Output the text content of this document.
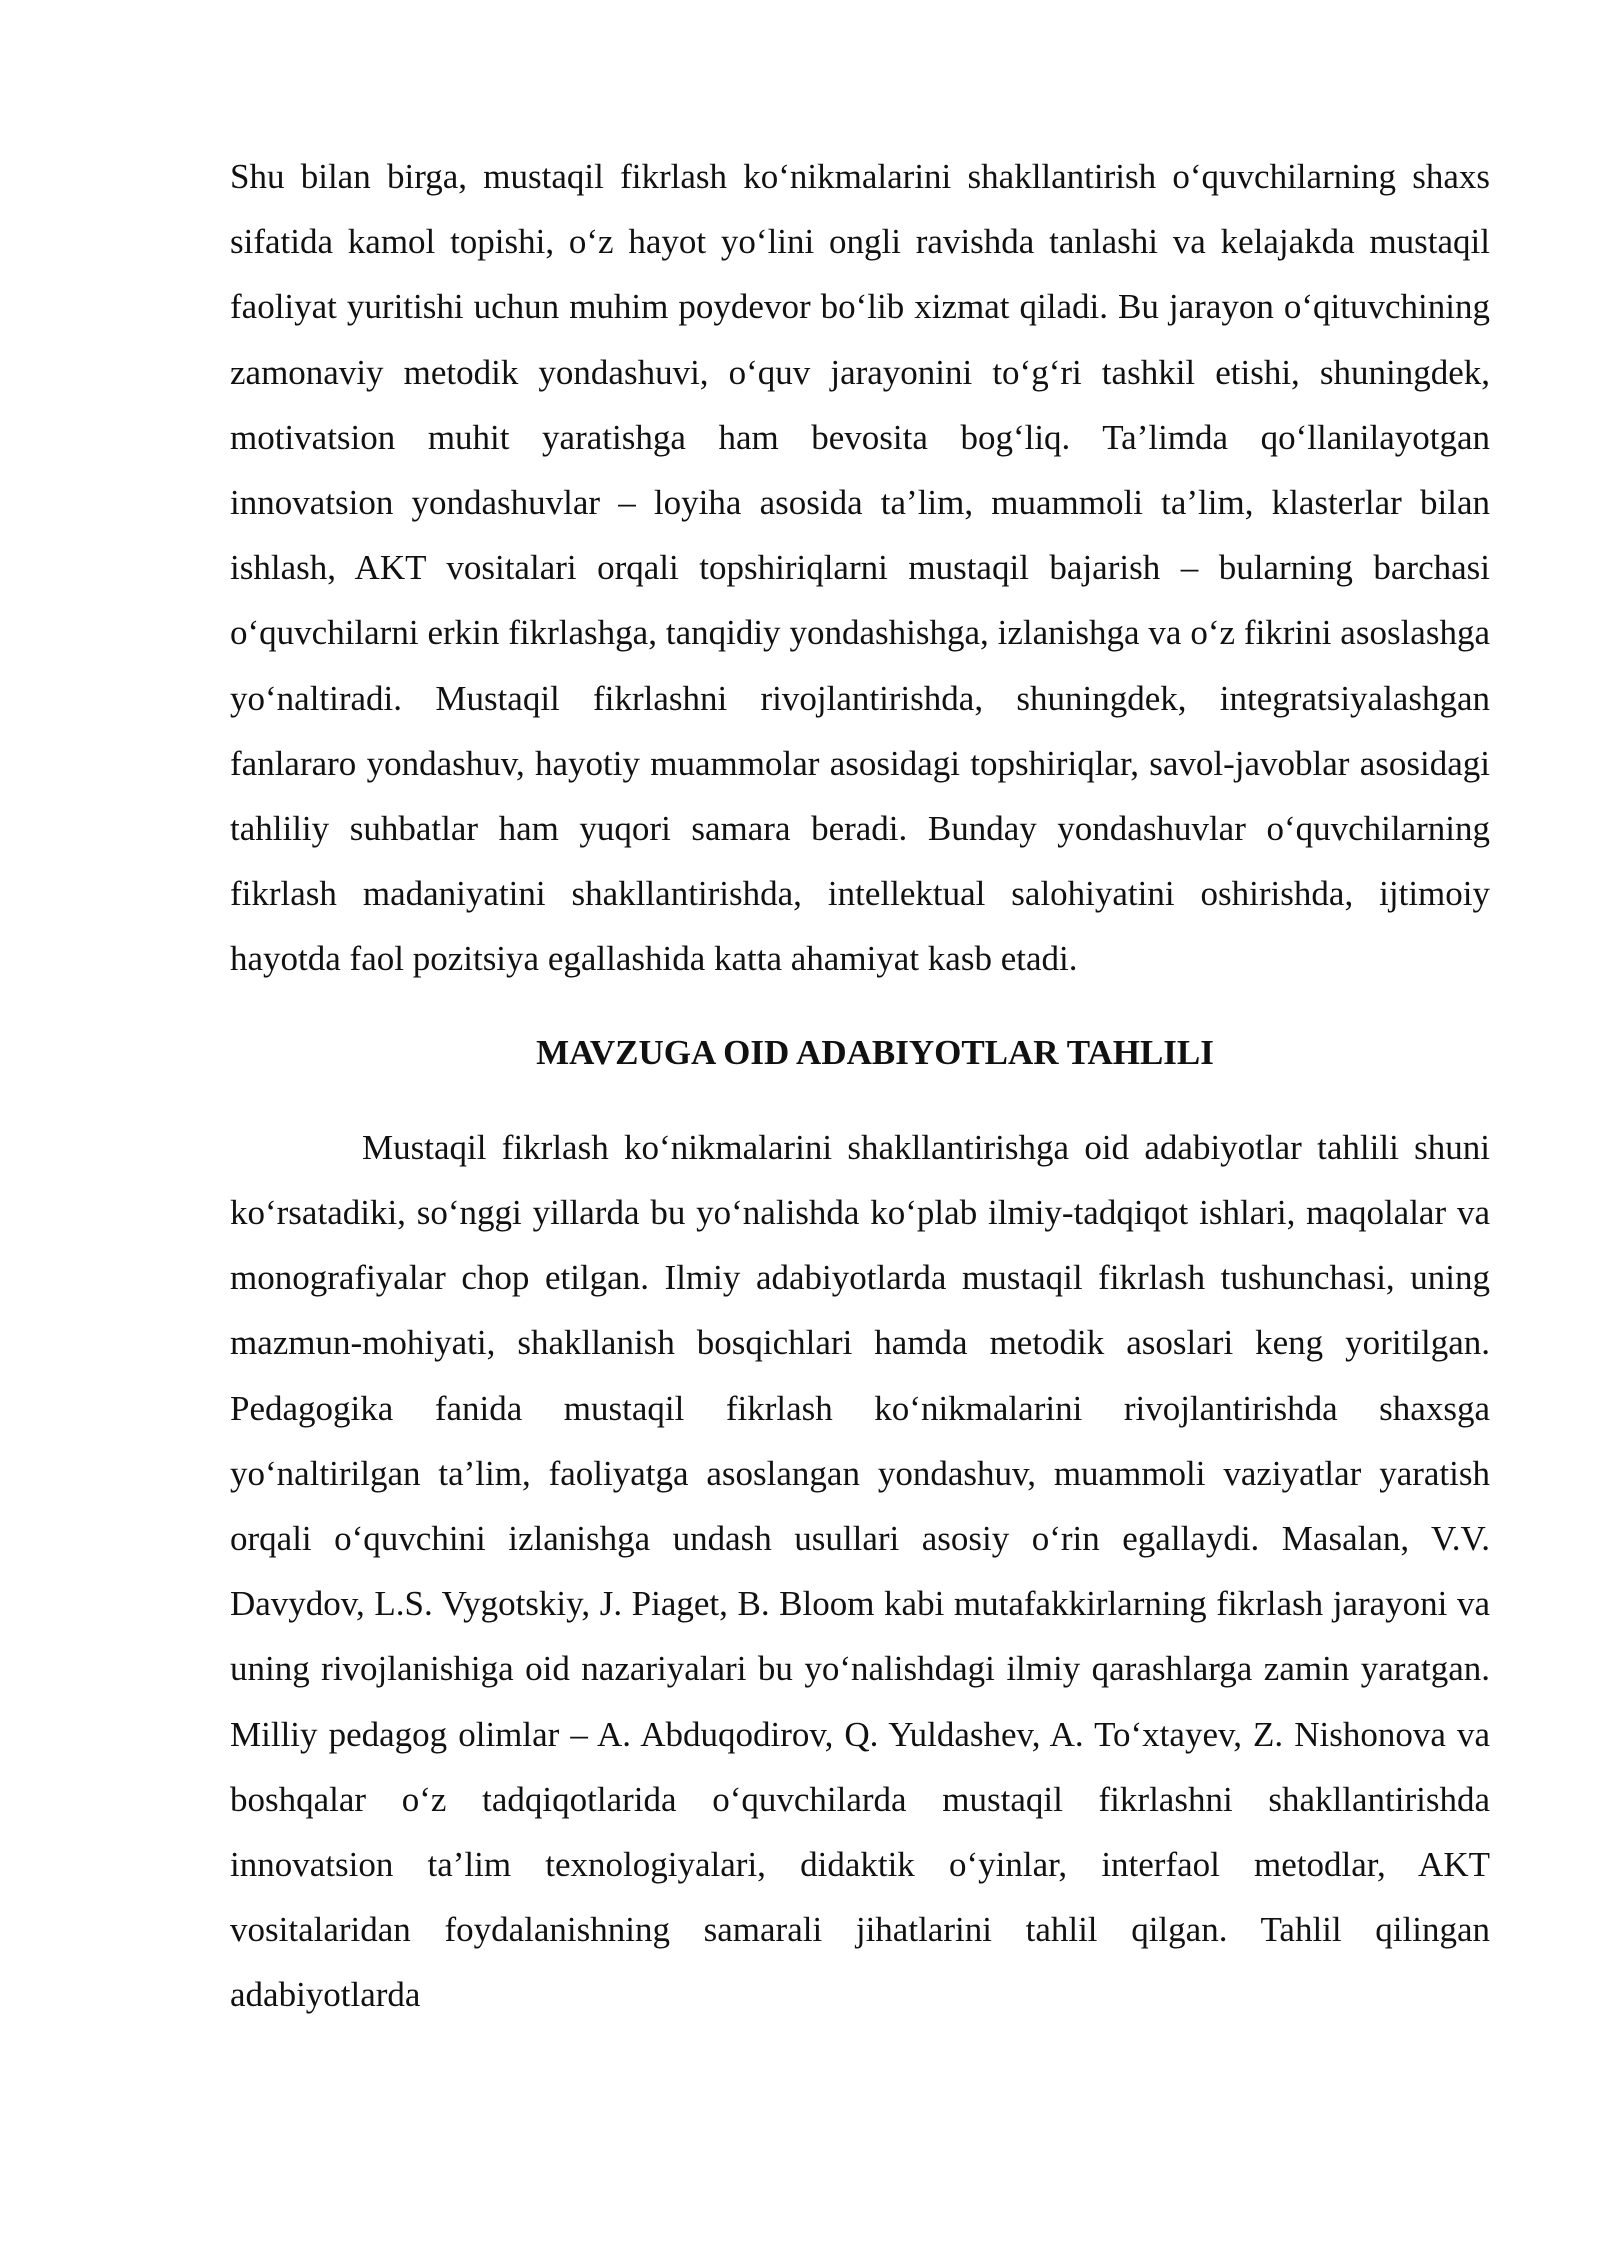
Shu bilan birga, mustaqil fikrlash ko‘nikmalarini shakllantirish o‘quvchilarning shaxs sifatida kamol topishi, o‘z hayot yo‘lini ongli ravishda tanlashi va kelajakda mustaqil faoliyat yuritishi uchun muhim poydevor bo‘lib xizmat qiladi. Bu jarayon o‘qituvchining zamonaviy metodik yondashuvi, o‘quv jarayonini to‘g‘ri tashkil etishi, shuningdek, motivatsion muhit yaratishga ham bevosita bog‘liq. Ta’limda qo‘llanilayotgan innovatsion yondashuvlar – loyiha asosida ta’lim, muammoli ta’lim, klasterlar bilan ishlash, AKT vositalari orqali topshiriqlarni mustaqil bajarish – bularning barchasi o‘quvchilarni erkin fikrlashga, tanqidiy yondashishga, izlanishga va o‘z fikrini asoslashga yo‘naltiradi. Mustaqil fikrlashni rivojlantirishda, shuningdek, integratsiyalashgan fanlararo yondashuv, hayotiy muammolar asosidagi topshiriqlar, savol-javoblar asosidagi tahliliy suhbatlar ham yuqori samara beradi. Bunday yondashuvlar o‘quvchilarning fikrlash madaniyatini shakllantirishda, intellektual salohiyatini oshirishda, ijtimoiy hayotda faol pozitsiya egallashida katta ahamiyat kasb etadi.

MAVZUGA OID ADABIYOTLAR TAHLILI

Mustaqil fikrlash ko‘nikmalarini shakllantirishga oid adabiyotlar tahlili shuni ko‘rsatadiki, so‘nggi yillarda bu yo‘nalishda ko‘plab ilmiy-tadqiqot ishlari, maqolalar va monografiyalar chop etilgan. Ilmiy adabiyotlarda mustaqil fikrlash tushunchasi, uning mazmun-mohiyati, shakllanish bosqichlari hamda metodik asoslari keng yoritilgan. Pedagogika fanida mustaqil fikrlash ko‘nikmalarini rivojlantirishda shaxsga yo‘naltirilgan ta’lim, faoliyatga asoslangan yondashuv, muammoli vaziyatlar yaratish orqali o‘quvchini izlanishga undash usullari asosiy o‘rin egallaydi. Masalan, V.V. Davydov, L.S. Vygotskiy, J. Piaget, B. Bloom kabi mutafakkirlarning fikrlash jarayoni va uning rivojlanishiga oid nazariyalari bu yo‘nalishdagi ilmiy qarashlarga zamin yaratgan. Milliy pedagog olimlar – A. Abduqodirov, Q. Yuldashev, A. To‘xtayev, Z. Nishonova va boshqalar o‘z tadqiqotlarida o‘quvchilarda mustaqil fikrlashni shakllantirishda innovatsion ta’lim texnologiyalari, didaktik o‘yinlar, interfaol metodlar, AKT vositalaridan foydalanishning samarali jihatlarini tahlil qilgan. Tahlil qilingan adabiyotlarda
